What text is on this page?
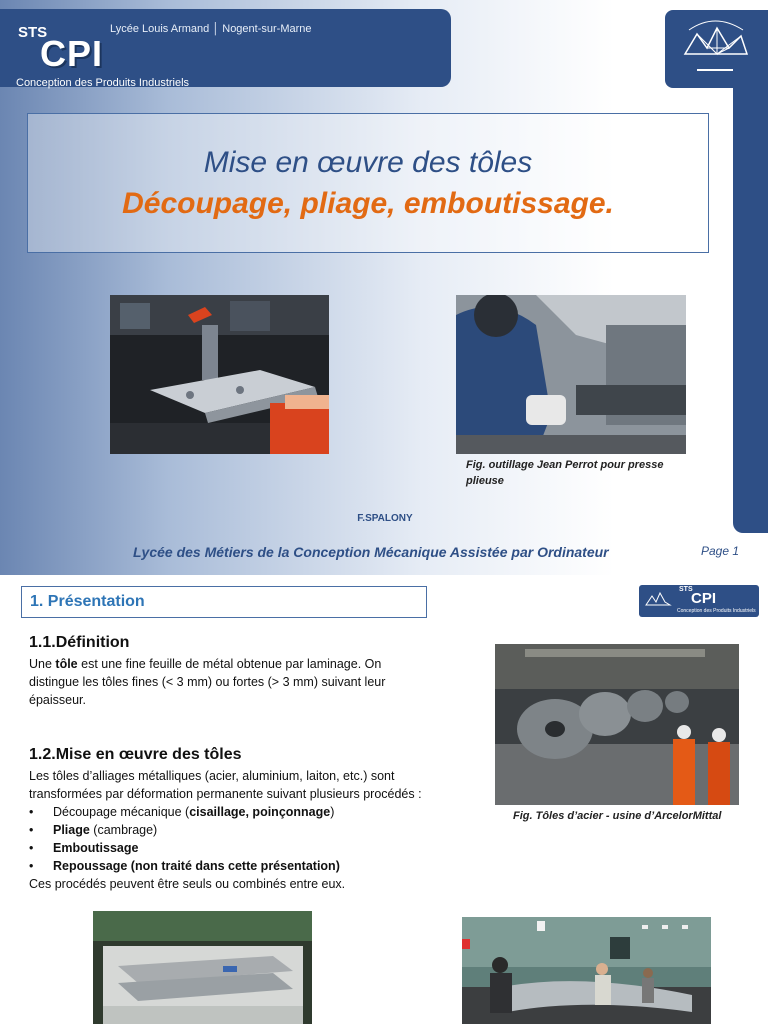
STS
CPI
Lycée Louis Armand │ Nogent-sur-Marne
Conception des Produits Industriels
Mise en œuvre des tôles
Découpage, pliage, emboutissage.
Fig. outillage Jean Perrot pour presse plieuse
F.SPALONY
Lycée des Métiers de la Conception Mécanique Assistée par Ordinateur	Page 1
1. Présentation
STS
CPI
Conception des Produits Industriels
1.1.Définition
Une tôle est une fine feuille de métal obtenue par laminage. On distingue les tôles fines (< 3 mm) ou fortes (> 3 mm) suivant leur épaisseur.
Fig. Tôles d’acier - usine d’ArcelorMittal
1.2.Mise en œuvre des tôles
Les tôles d’alliages métalliques (acier, aluminium, laiton, etc.) sont transformées par déformation permanente suivant plusieurs procédés :
• Découpage mécanique (cisaillage, poinçonnage)
• Pliage (cambrage)
• Emboutissage
• Repoussage (non traité dans cette présentation)
Ces procédés peuvent être seuls ou combinés entre eux.
